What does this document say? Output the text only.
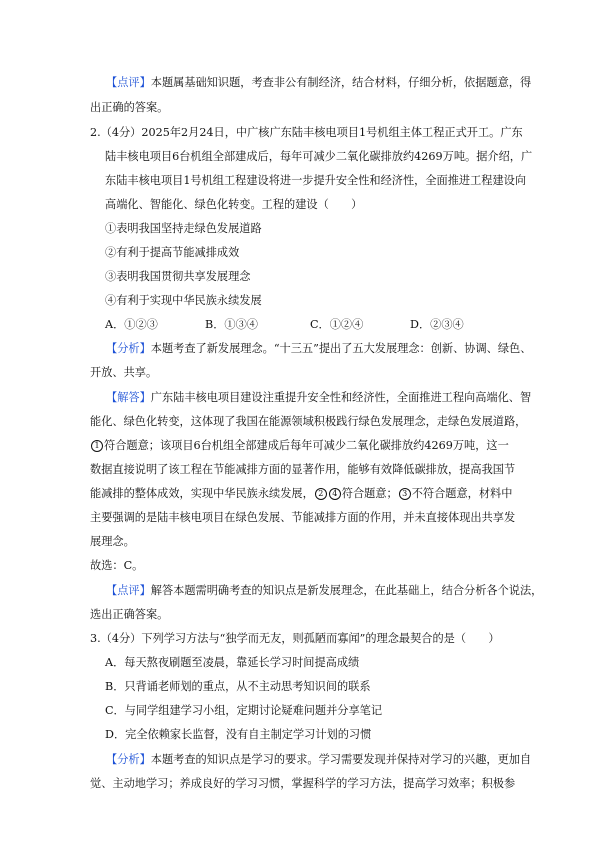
【点评】本题属基础知识题，考查非公有制经济，结合材料，仔细分析，依据题意，得
出正确的答案。
2.（4分）2025年2月24日，中广核广东陆丰核电项目1号机组主体工程正式开工。广东
陆丰核电项目6台机组全部建成后，每年可减少二氧化碳排放约4269万吨。据介绍，广
东陆丰核电项目1号机组工程建设将进一步提升安全性和经济性，全面推进工程建设向
高端化、智能化、绿色化转变。工程的建设（　　）
①表明我国坚持走绿色发展道路
②有利于提高节能减排成效
③表明我国贯彻共享发展理念
④有利于实现中华民族永续发展
A．①②③	B．①③④	C．①②④	D．②③④
【分析】本题考查了新发展理念。“十三五”提出了五大发展理念：创新、协调、绿色、
开放、共享。
【解答】广东陆丰核电项目建设注重提升安全性和经济性，全面推进工程向高端化、智
能化、绿色化转变，这体现了我国在能源领域积极践行绿色发展理念，走绿色发展道路，
1 符合题意；该项目6台机组全部建成后每年可减少二氧化碳排放约4269万吨，这一
数据直接说明了该工程在节能减排方面的显著作用，能够有效降低碳排放，提高我国节
能减排的整体成效，实现中华民族永续发展， 2 4 符合题意； 3 不符合题意，材料中
主要强调的是陆丰核电项目在绿色发展、节能减排方面的作用，并未直接体现出共享发
展理念。
故选：C。
【点评】解答本题需明确考查的知识点是新发展理念，在此基础上，结合分析各个说法，
选出正确答案。
3.（4分）下列学习方法与“独学而无友，则孤陋而寡闻”的理念最契合的是（　　）
A．每天熬夜刷题至凌晨，靠延长学习时间提高成绩
B．只背诵老师划的重点，从不主动思考知识间的联系
C．与同学组建学习小组，定期讨论疑难问题并分享笔记
D．完全依赖家长监督，没有自主制定学习计划的习惯
【分析】本题考查的知识点是学习的要求。学习需要发现并保持对学习的兴趣，更加自
觉、主动地学习；养成良好的学习习惯，掌握科学的学习方法，提高学习效率；积极参
